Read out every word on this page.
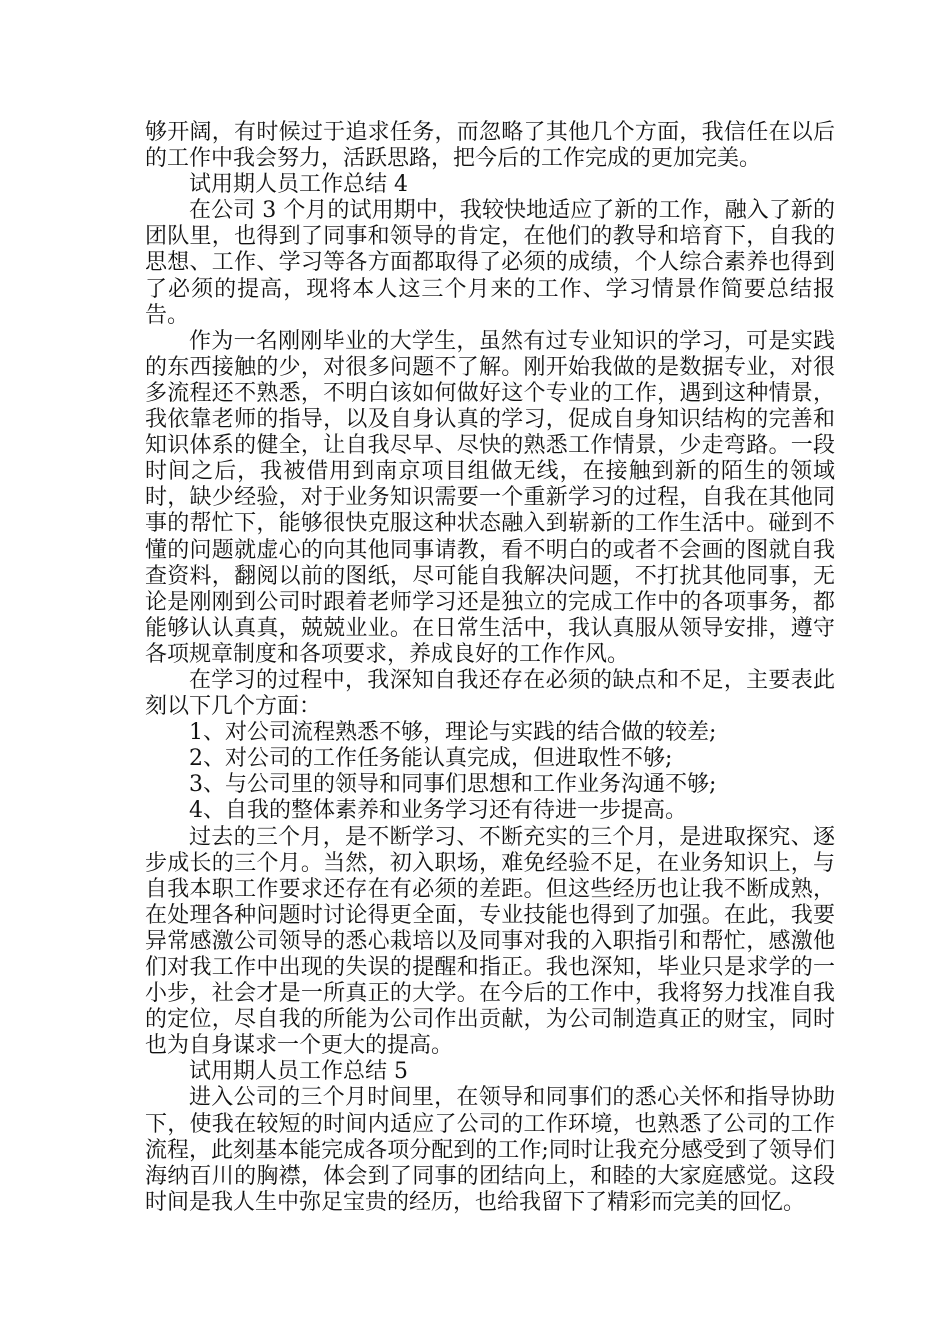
够开阔，有时候过于追求任务，而忽略了其他几个方面，我信任在以后的工作中我会努力，活跃思路，把今后的工作完成的更加完美。

试用期人员工作总结 4

在公司 3 个月的试用期中，我较快地适应了新的工作，融入了新的团队里，也得到了同事和领导的肯定，在他们的教导和培育下，自我的思想、工作、学习等各方面都取得了必须的成绩，个人综合素养也得到了必须的提高，现将本人这三个月来的工作、学习情景作简要总结报告。

作为一名刚刚毕业的大学生，虽然有过专业知识的学习，可是实践的东西接触的少，对很多问题不了解。刚开始我做的是数据专业，对很多流程还不熟悉，不明白该如何做好这个专业的工作，遇到这种情景，我依靠老师的指导，以及自身认真的学习，促成自身知识结构的完善和知识体系的健全，让自我尽早、尽快的熟悉工作情景，少走弯路。一段时间之后，我被借用到南京项目组做无线，在接触到新的陌生的领域时，缺少经验，对于业务知识需要一个重新学习的过程，自我在其他同事的帮忙下，能够很快克服这种状态融入到崭新的工作生活中。碰到不懂的问题就虚心的向其他同事请教，看不明白的或者不会画的图就自我查资料，翻阅以前的图纸，尽可能自我解决问题，不打扰其他同事，无论是刚刚到公司时跟着老师学习还是独立的完成工作中的各项事务，都能够认认真真，兢兢业业。在日常生活中，我认真服从领导安排，遵守各项规章制度和各项要求，养成良好的工作作风。

在学习的过程中，我深知自我还存在必须的缺点和不足，主要表此刻以下几个方面：

1、对公司流程熟悉不够，理论与实践的结合做的较差;

2、对公司的工作任务能认真完成，但进取性不够;

3、与公司里的领导和同事们思想和工作业务沟通不够;

4、自我的整体素养和业务学习还有待进一步提高。

过去的三个月，是不断学习、不断充实的三个月，是进取探究、逐步成长的三个月。当然，初入职场，难免经验不足，在业务知识上，与自我本职工作要求还存在有必须的差距。但这些经历也让我不断成熟，在处理各种问题时讨论得更全面，专业技能也得到了加强。在此，我要异常感激公司领导的悉心栽培以及同事对我的入职指引和帮忙，感激他们对我工作中出现的失误的提醒和指正。我也深知，毕业只是求学的一小步，社会才是一所真正的大学。在今后的工作中，我将努力找准自我的定位，尽自我的所能为公司作出贡献，为公司制造真正的财宝，同时也为自身谋求一个更大的提高。

试用期人员工作总结 5

进入公司的三个月时间里，在领导和同事们的悉心关怀和指导协助下，使我在较短的时间内适应了公司的工作环境，也熟悉了公司的工作流程，此刻基本能完成各项分配到的工作;同时让我充分感受到了领导们海纳百川的胸襟，体会到了同事的团结向上，和睦的大家庭感觉。这段时间是我人生中弥足宝贵的经历，也给我留下了精彩而完美的回忆。
